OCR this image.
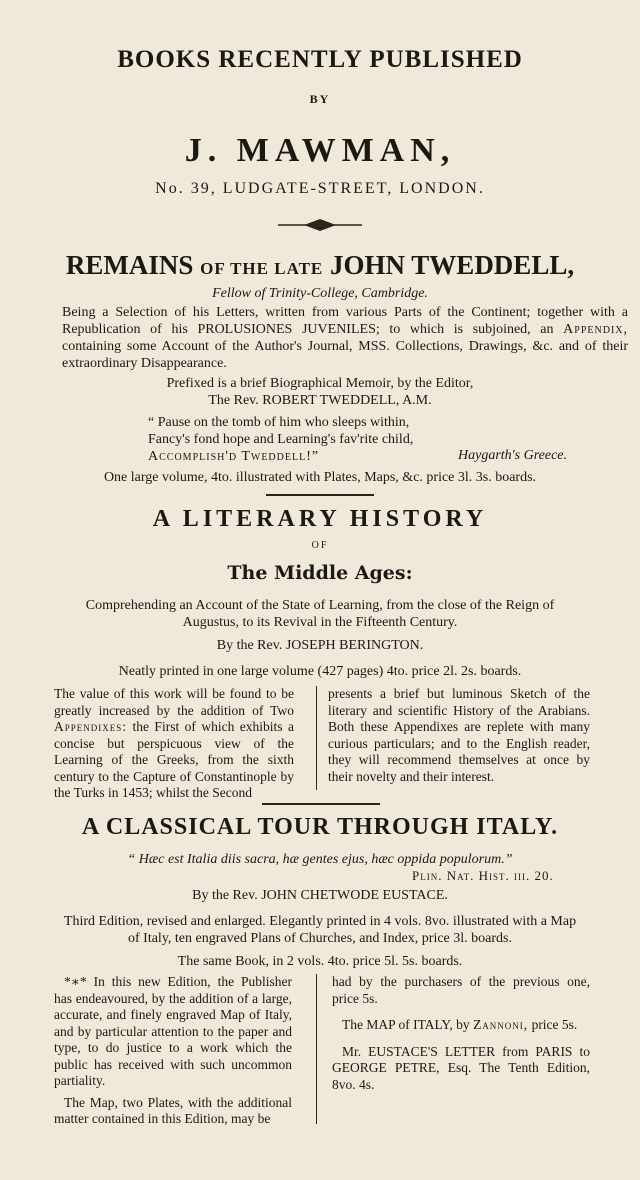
BOOKS RECENTLY PUBLISHED
BY
J. MAWMAN,
No. 39, LUDGATE-STREET, LONDON.
REMAINS OF THE LATE JOHN TWEDDELL,
Fellow of Trinity-College, Cambridge.
Being a Selection of his Letters, written from various Parts of the Continent; together with a Republication of his PROLUSIONES JUVENILES; to which is subjoined, an Appendix, containing some Account of the Author's Journal, MSS. Collections, Drawings, &c. and of their extraordinary Disappearance.
Prefixed is a brief Biographical Memoir, by the Editor,
The Rev. ROBERT TWEDDELL, A.M.
“ Pause on the tomb of him who sleeps within,
Fancy's fond hope and Learning's fav'rite child,
Accomplish'd Tweddell!”	Haygarth's Greece.
One large volume, 4to. illustrated with Plates, Maps, &c. price 3l. 3s. boards.
A LITERARY HISTORY
OF
The Middle Ages:
Comprehending an Account of the State of Learning, from the close of the Reign of
Augustus, to its Revival in the Fifteenth Century.
By the Rev. JOSEPH BERINGTON.
Neatly printed in one large volume (427 pages) 4to. price 2l. 2s. boards.
The value of this work will be found to be greatly increased by the addition of Two Appendixes: the First of which exhibits a concise but perspicuous view of the Learning of the Greeks, from the sixth century to the Capture of Constantinople by the Turks in 1453; whilst the Second
presents a brief but luminous Sketch of the literary and scientific History of the Arabians. Both these Appendixes are replete with many curious particulars; and to the English reader, they will recommend themselves at once by their novelty and their interest.
A CLASSICAL TOUR THROUGH ITALY.
“ Hæc est Italia diis sacra, hæ gentes ejus, hæc oppida populorum.”
Plin. Nat. Hist. iii. 20.
By the Rev. JOHN CHETWODE EUSTACE.
Third Edition, revised and enlarged. Elegantly printed in 4 vols. 8vo. illustrated with a Map
of Italy, ten engraved Plans of Churches, and Index, price 3l. boards.
The same Book, in 2 vols. 4to. price 5l. 5s. boards.
*∗* In this new Edition, the Publisher has endeavoured, by the addition of a large, accurate, and finely engraved Map of Italy, and by particular attention to the paper and type, to do justice to a work which the public has received with such uncommon partiality.
The Map, two Plates, with the additional matter contained in this Edition, may be
had by the purchasers of the previous one, price 5s.
The MAP of ITALY, by Zannoni, price 5s.
Mr. EUSTACE'S LETTER from PARIS to GEORGE PETRE, Esq. The Tenth Edition, 8vo. 4s.
